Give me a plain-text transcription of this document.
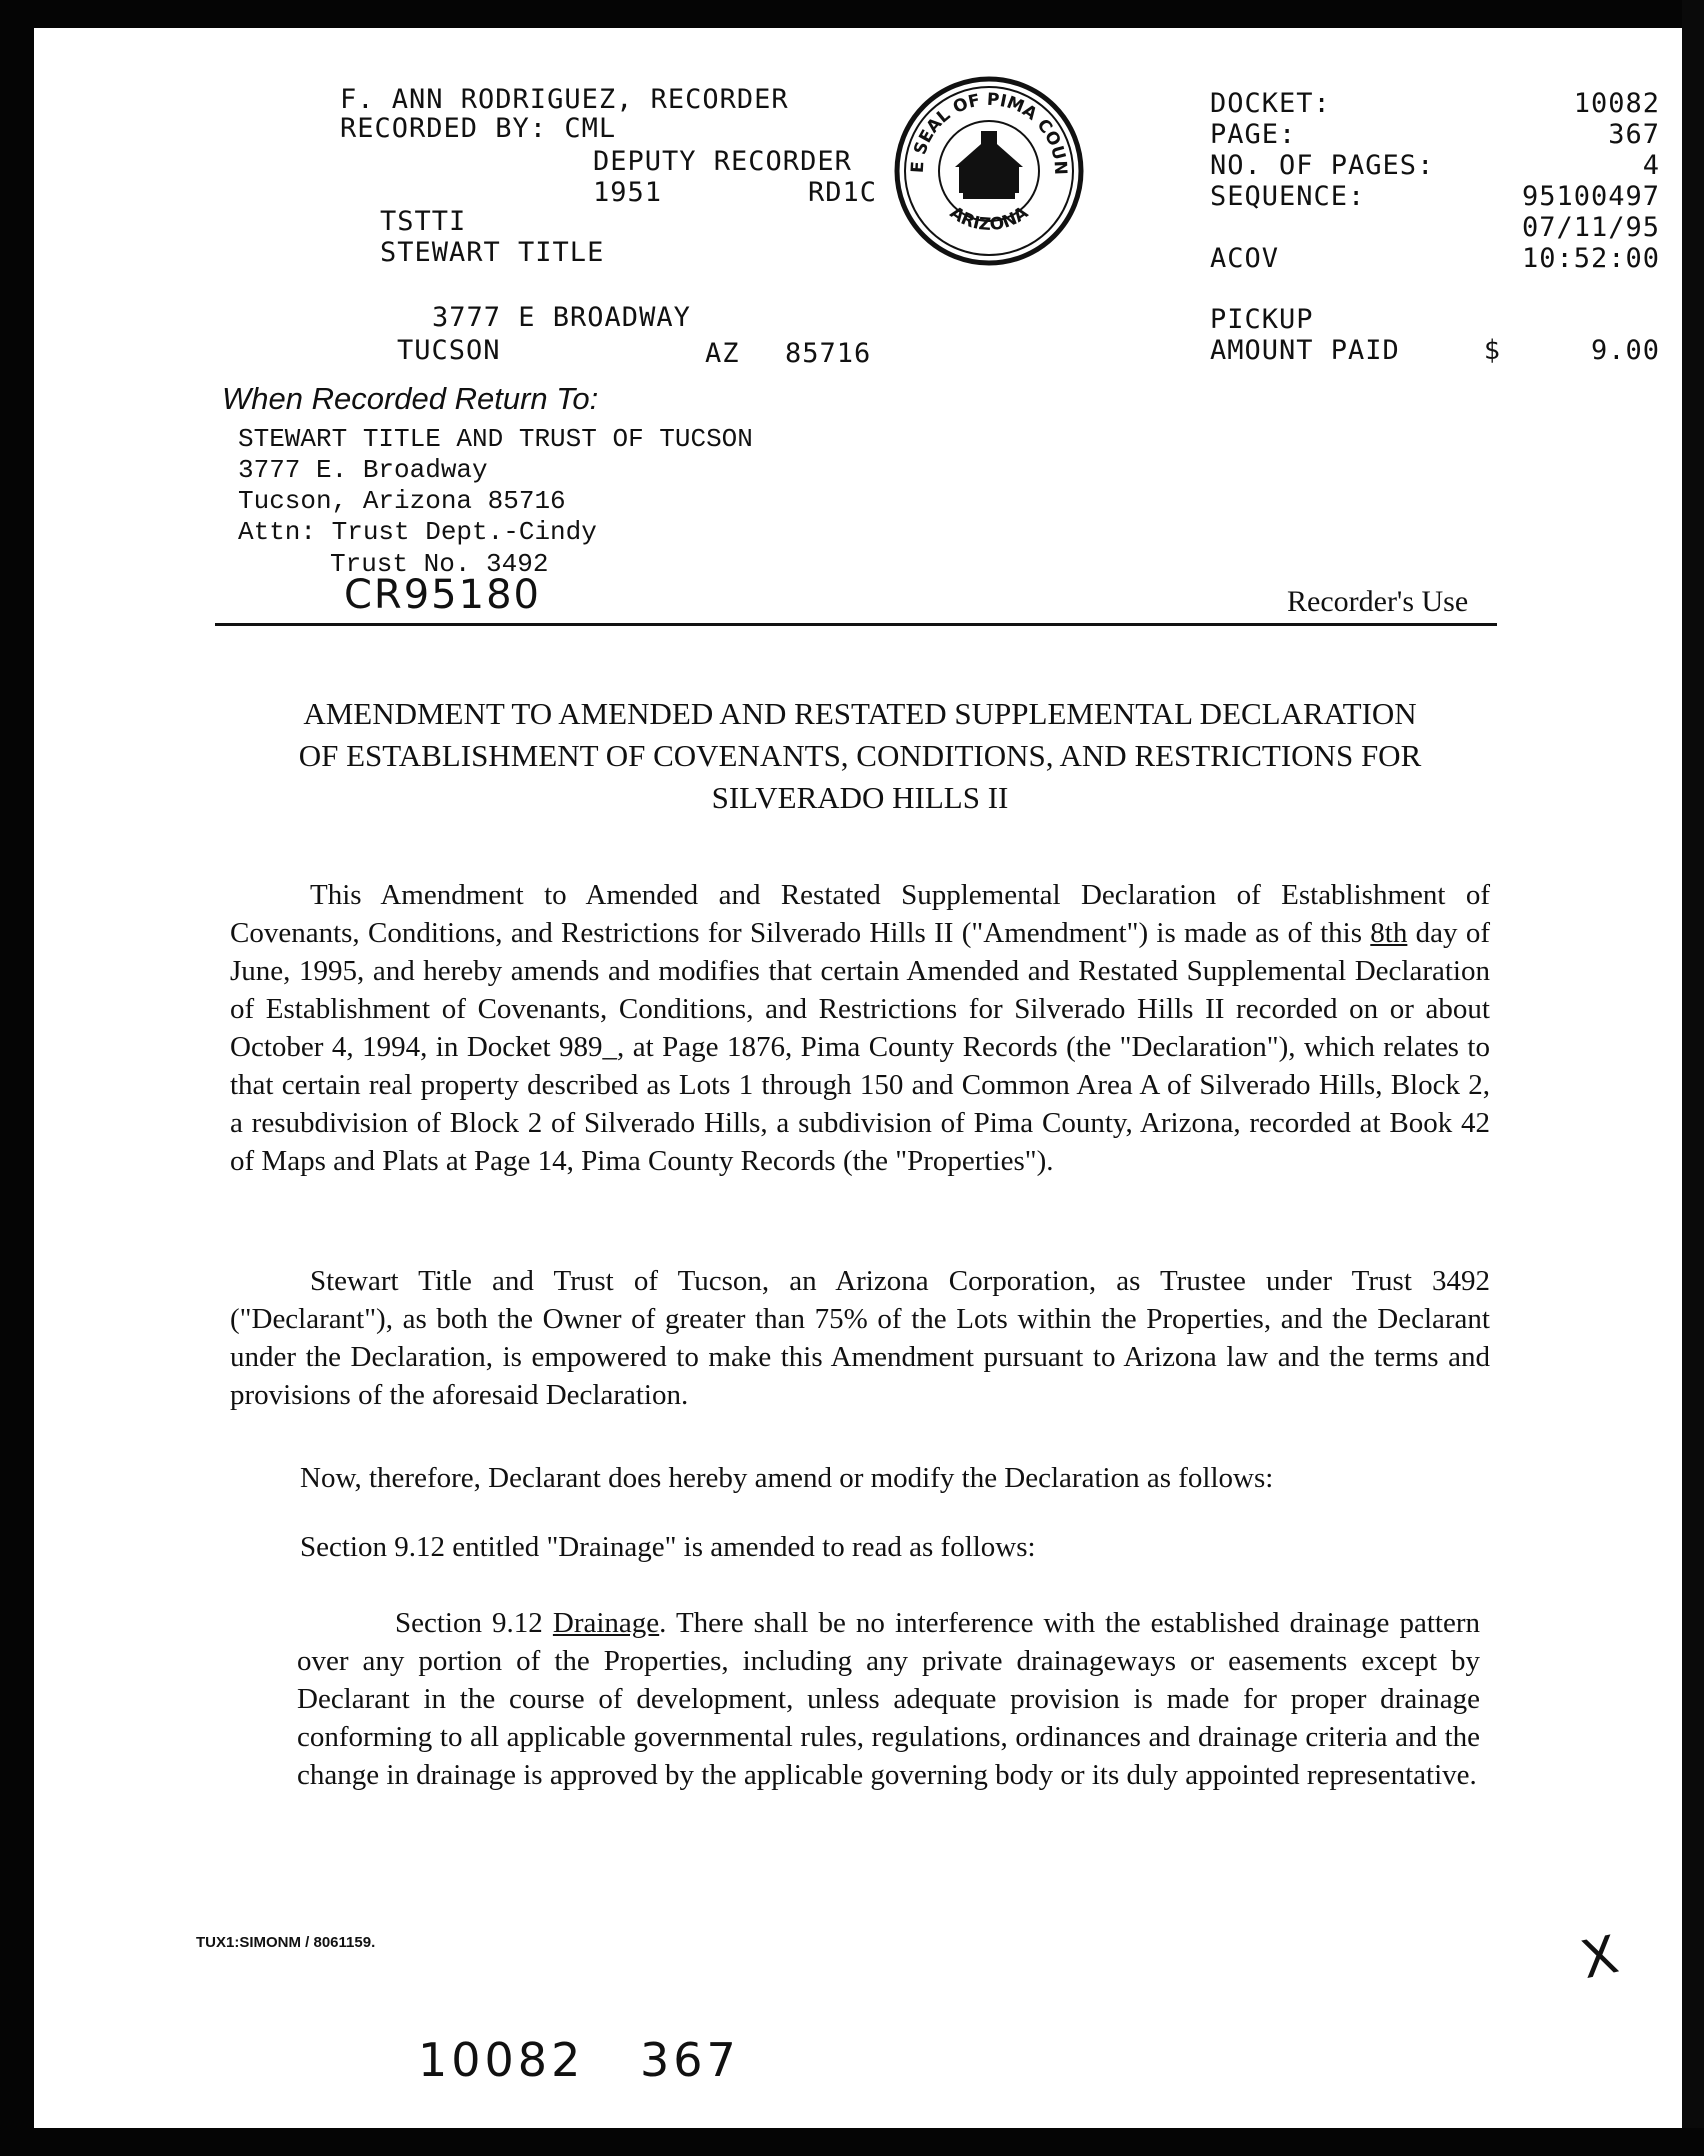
F. ANN RODRIGUEZ, RECORDER
RECORDED BY: CML
DEPUTY RECORDER
1951	RD1C
TSTTI
STEWART TITLE
3777 E BROADWAY
TUCSON	AZ 85716
E SEAL OF PIMA COUN
ARIZONA
DOCKET:	10082
PAGE:	367
NO. OF PAGES:	4
SEQUENCE:	95100497
07/11/95
ACOV	10:52:00
PICKUP
AMOUNT PAID	$	9.00
When Recorded Return To:
STEWART TITLE AND TRUST OF TUCSON
3777 E. Broadway
Tucson, Arizona 85716
Attn: Trust Dept.-Cindy
Trust No. 3492
CR95180	Recorder's Use
AMENDMENT TO AMENDED AND RESTATED SUPPLEMENTAL DECLARATION
OF ESTABLISHMENT OF COVENANTS, CONDITIONS, AND RESTRICTIONS FOR
SILVERADO HILLS II
This Amendment to Amended and Restated Supplemental Declaration of Establishment of Covenants, Conditions, and Restrictions for Silverado Hills II ("Amendment") is made as of this 8th day of June, 1995, and hereby amends and modifies that certain Amended and Restated Supplemental Declaration of Establishment of Covenants, Conditions, and Restrictions for Silverado Hills II recorded on or about October 4, 1994, in Docket 989_, at Page 1876, Pima County Records (the "Declaration"), which relates to that certain real property described as Lots 1 through 150 and Common Area A of Silverado Hills, Block 2, a resubdivision of Block 2 of Silverado Hills, a subdivision of Pima County, Arizona, recorded at Book 42 of Maps and Plats at Page 14, Pima County Records (the "Properties").
Stewart Title and Trust of Tucson, an Arizona Corporation, as Trustee under Trust 3492 ("Declarant"), as both the Owner of greater than 75% of the Lots within the Properties, and the Declarant under the Declaration, is empowered to make this Amendment pursuant to Arizona law and the terms and provisions of the aforesaid Declaration.
Now, therefore, Declarant does hereby amend or modify the Declaration as follows:
Section 9.12 entitled "Drainage" is amended to read as follows:
Section 9.12 Drainage. There shall be no interference with the established drainage pattern over any portion of the Properties, including any private drainageways or easements except by Declarant in the course of development, unless adequate provision is made for proper drainage conforming to all applicable governmental rules, regulations, ordinances and drainage criteria and the change in drainage is approved by the applicable governing body or its duly appointed representative.
TUX1:SIMONM / 8061159.
10082 367
X
